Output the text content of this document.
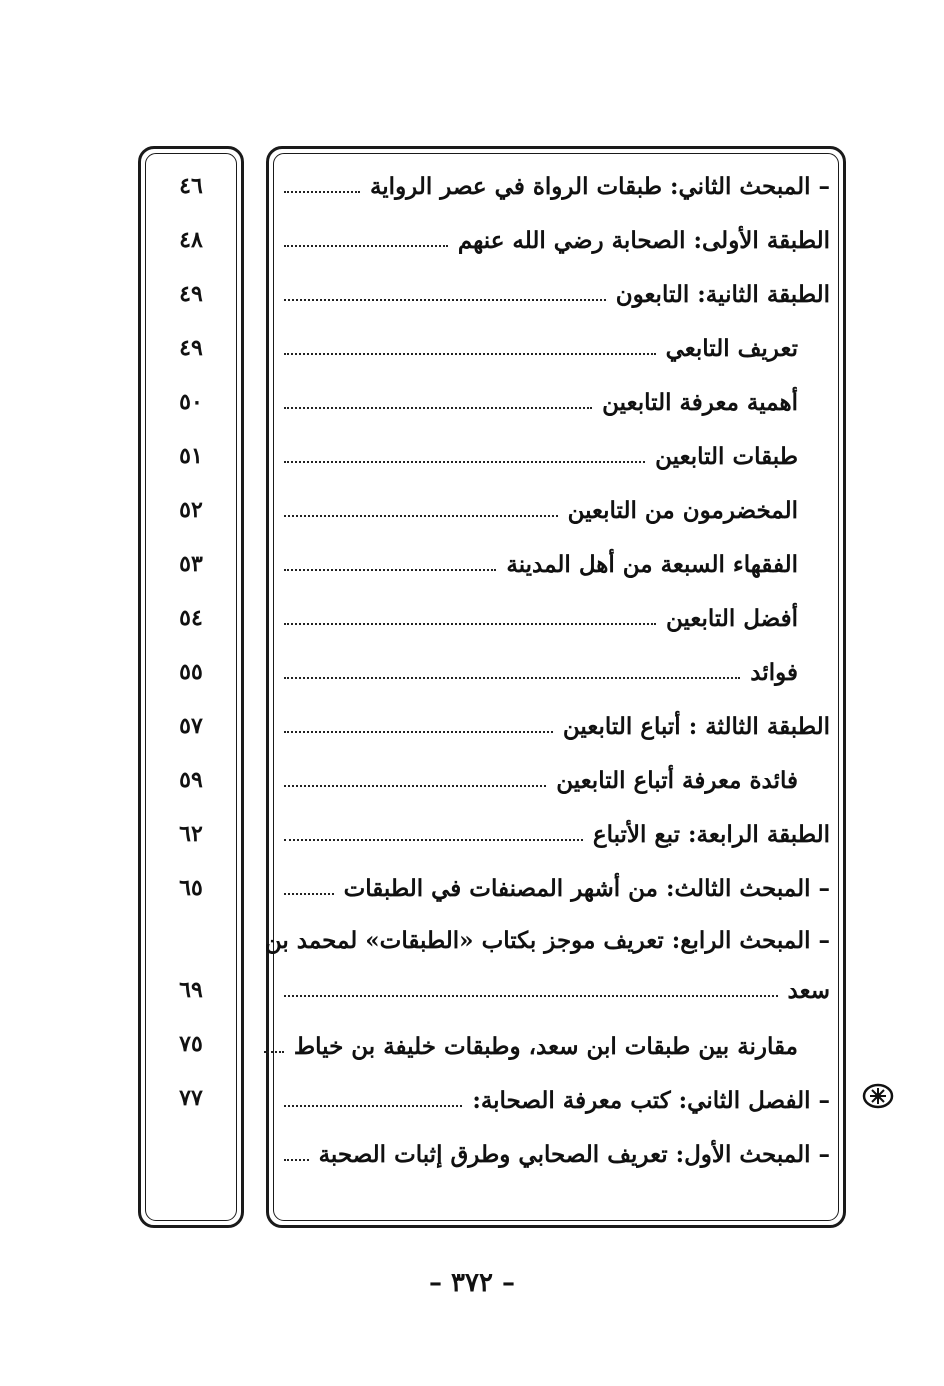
– المبحث الثاني: طبقات الرواة في عصر الرواية
٤٦
الطبقة الأولى: الصحابة رضي الله عنهم
٤٨
الطبقة الثانية: التابعون
٤٩
تعريف التابعي
٤٩
أهمية معرفة التابعين
٥٠
طبقات التابعين
٥١
المخضرمون من التابعين
٥٢
الفقهاء السبعة من أهل المدينة
٥٣
أفضل التابعين
٥٤
فوائد
٥٥
الطبقة الثالثة : أتباع التابعين
٥٧
فائدة معرفة أتباع التابعين
٥٩
الطبقة الرابعة: تبع الأتباع
٦٢
– المبحث الثالث: من أشهر المصنفات في الطبقات
٦٥
– المبحث الرابع: تعريف موجز بكتاب «الطبقات» لمحمد بن
سعد
٦٩
مقارنة بين طبقات ابن سعد، وطبقات خليفة بن خياط
٧٥
– الفصل الثاني: كتب معرفة الصحابة:
٧٧
– المبحث الأول: تعريف الصحابي وطرق إثبات الصحبة
– ٣٧٢ –
